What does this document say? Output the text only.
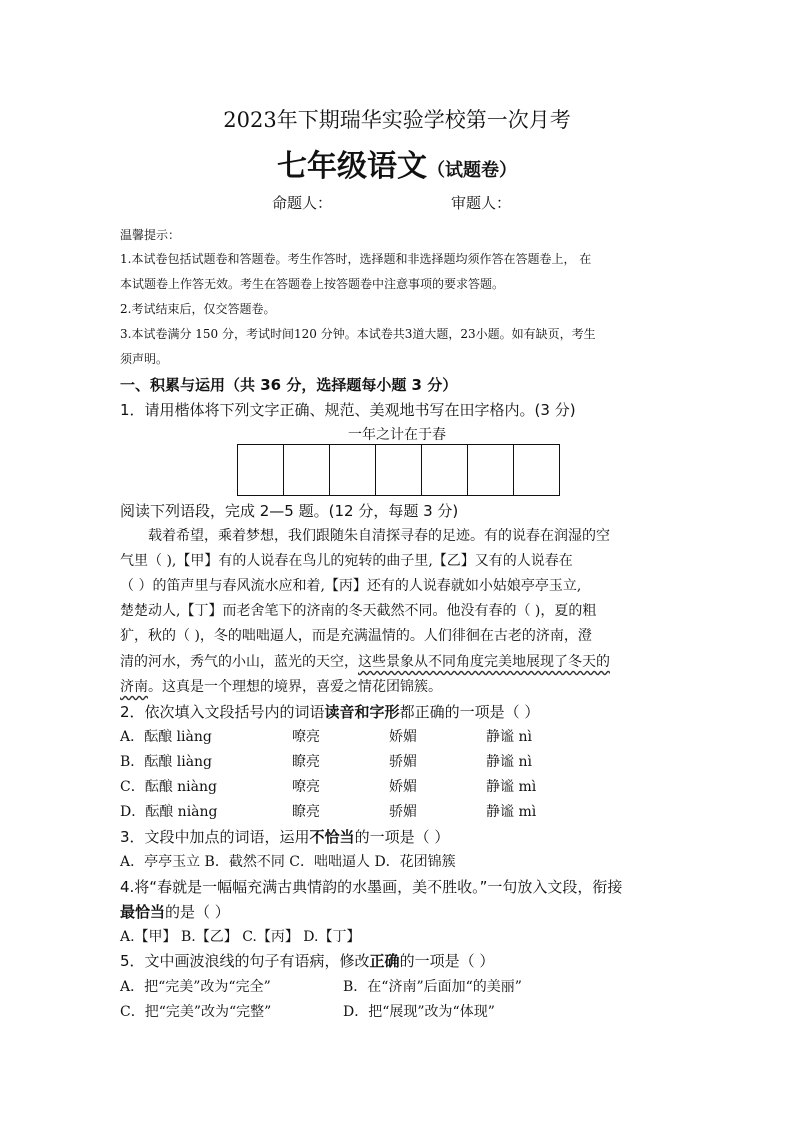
2023年下期瑞华实验学校第一次月考
七年级语文（试题卷）
命题人：	审题人：
温馨提示：
1.本试卷包括试题卷和答题卷。考生作答时，选择题和非选择题均须作答在答题卷上， 在
本试题卷上作答无效。考生在答题卷上按答题卷中注意事项的要求答题。
2.考试结束后，仅交答题卷。
3.本试卷满分 150 分，考试时间120 分钟。本试卷共3道大题，23小题。如有缺页，考生
须声明。
一、积累与运用（共 36 分，选择题每小题 3 分）
1．请用楷体将下列文字正确、规范、美观地书写在田字格内。(3 分)
一年之计在于春
阅读下列语段，完成 2—5 题。(12 分，每题 3 分)
载着希望，乘着梦想，我们跟随朱自清探寻春的足迹。有的说春在润湿的空
气里（ ),【甲】有的人说春在鸟儿的宛转的曲子里,【乙】又有的人说春在
（ ）的笛声里与春风流水应和着,【丙】还有的人说春就如小姑娘亭亭玉立,
楚楚动人,【丁】而老舍笔下的济南的冬天截然不同。他没有春的（ )，夏的粗
犷，秋的（ )，冬的咄咄逼人，而是充满温情的。人们徘徊在古老的济南，澄
清的河水，秀气的小山，蓝光的天空，这些景象从不同角度完美地展现了冬天的
济南。这真是一个理想的境界，喜爱之情花团锦簇。
2．依次填入文段括号内的词语读音和字形都正确的一项是（ ）
A．酝酿 liàng	嘹亮	娇媚	静谧 nì
B．酝酿 liàng	瞭亮	骄媚	静谧 nì
C．酝酿 niàng	嘹亮	娇媚	静谧 mì
D．酝酿 niàng	瞭亮	骄媚	静谧 mì
3．文段中加点的词语，运用不恰当的一项是（ ）
A．亭亭玉立 B．截然不同 C．咄咄逼人 D．花团锦簇
4.将“春就是一幅幅充满古典情韵的水墨画，美不胜收。”一句放入文段，衔接
最恰当的是（ ）
A.【甲】 B.【乙】 C.【丙】 D.【丁】
5．文中画波浪线的句子有语病，修改正确的一项是（ ）
A．把“完美”改为“完全”	B．在“济南”后面加“的美丽”
C．把“完美”改为“完整”	D．把“展现”改为“体现”
